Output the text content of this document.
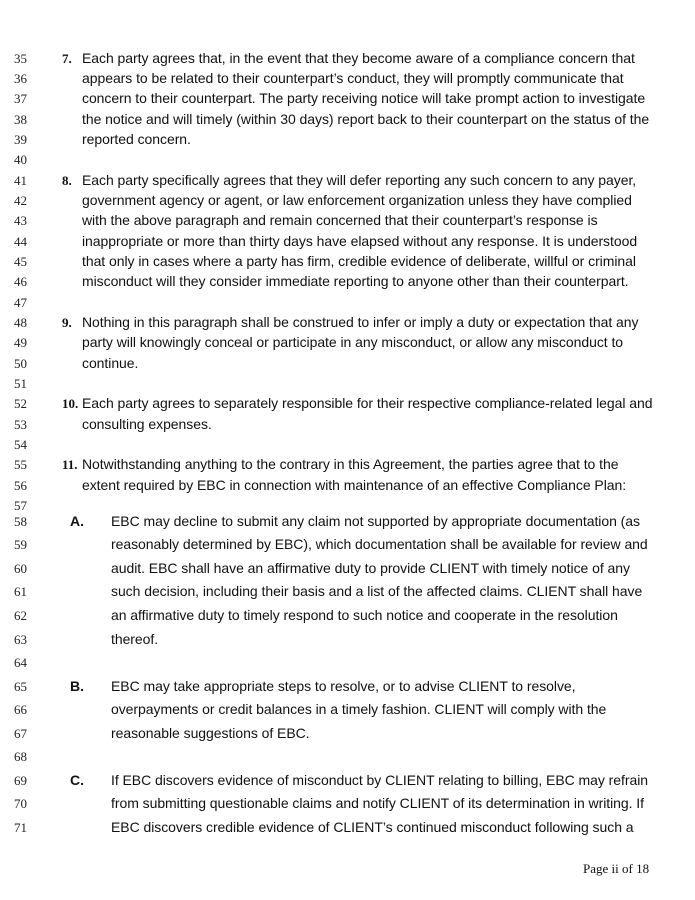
35
36
37
38
39
40
41
42
43
44
45
46
47
48
49
50
51
52
53
54
55
56
57
58
59
60
61
62
63
64
65
66
67
68
69
70
71
7. Each party agrees that, in the event that they become aware of a compliance concern that
appears to be related to their counterpart’s conduct, they will promptly communicate that
concern to their counterpart. The party receiving notice will take prompt action to investigate
the notice and will timely (within 30 days) report back to their counterpart on the status of the
reported concern.
8. Each party specifically agrees that they will defer reporting any such concern to any payer,
government agency or agent, or law enforcement organization unless they have complied
with the above paragraph and remain concerned that their counterpart’s response is
inappropriate or more than thirty days have elapsed without any response. It is understood
that only in cases where a party has firm, credible evidence of deliberate, willful or criminal
misconduct will they consider immediate reporting to anyone other than their counterpart.
9. Nothing in this paragraph shall be construed to infer or imply a duty or expectation that any
party will knowingly conceal or participate in any misconduct, or allow any misconduct to
continue.
10. Each party agrees to separately responsible for their respective compliance-related legal and
consulting expenses.
11. Notwithstanding anything to the contrary in this Agreement, the parties agree that to the
extent required by EBC in connection with maintenance of an effective Compliance Plan:
A. EBC may decline to submit any claim not supported by appropriate documentation (as
reasonably determined by EBC), which documentation shall be available for review and
audit. EBC shall have an affirmative duty to provide CLIENT with timely notice of any
such decision, including their basis and a list of the affected claims. CLIENT shall have
an affirmative duty to timely respond to such notice and cooperate in the resolution
thereof.
B. EBC may take appropriate steps to resolve, or to advise CLIENT to resolve,
overpayments or credit balances in a timely fashion. CLIENT will comply with the
reasonable suggestions of EBC.
C. If EBC discovers evidence of misconduct by CLIENT relating to billing, EBC may refrain
from submitting questionable claims and notify CLIENT of its determination in writing. If
EBC discovers credible evidence of CLIENT’s continued misconduct following such a
Page ii of 18
